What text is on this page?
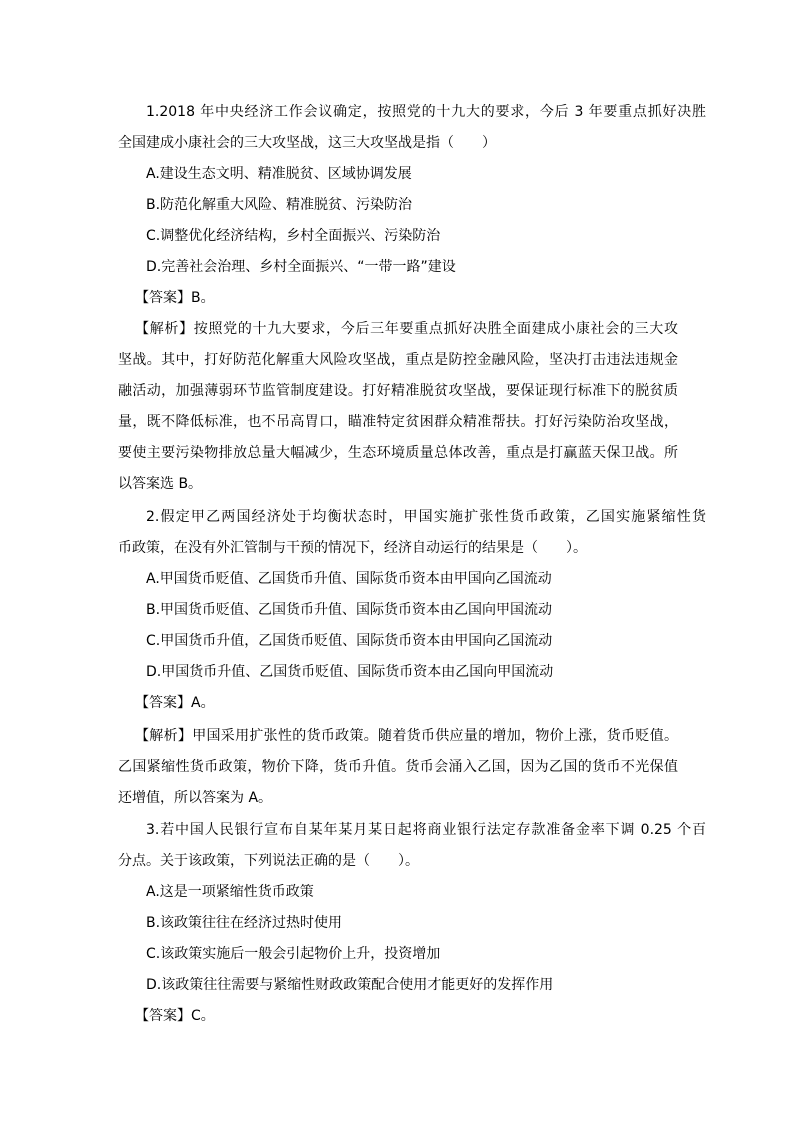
1.2018 年中央经济工作会议确定，按照党的十九大的要求，今后 3 年要重点抓好决胜
全国建成小康社会的三大攻坚战，这三大攻坚战是指（　　）
A.建设生态文明、精准脱贫、区域协调发展
B.防范化解重大风险、精准脱贫、污染防治
C.调整优化经济结构，乡村全面振兴、污染防治
D.完善社会治理、乡村全面振兴、“一带一路”建设
【答案】B。
【解析】按照党的十九大要求，今后三年要重点抓好决胜全面建成小康社会的三大攻
坚战。其中，打好防范化解重大风险攻坚战，重点是防控金融风险，坚决打击违法违规金
融活动，加强薄弱环节监管制度建设。打好精准脱贫攻坚战，要保证现行标准下的脱贫质
量，既不降低标准，也不吊高胃口，瞄准特定贫困群众精准帮扶。打好污染防治攻坚战，
要使主要污染物排放总量大幅减少，生态环境质量总体改善，重点是打赢蓝天保卫战。所
以答案选 B。
2.假定甲乙两国经济处于均衡状态时，甲国实施扩张性货币政策，乙国实施紧缩性货
币政策，在没有外汇管制与干预的情况下，经济自动运行的结果是（　　）。
A.甲国货币贬值、乙国货币升值、国际货币资本由甲国向乙国流动
B.甲国货币贬值、乙国货币升值、国际货币资本由乙国向甲国流动
C.甲国货币升值，乙国货币贬值、国际货币资本由甲国向乙国流动
D.甲国货币升值、乙国货币贬值、国际货币资本由乙国向甲国流动
【答案】A。
【解析】甲国采用扩张性的货币政策。随着货币供应量的增加，物价上涨，货币贬值。
乙国紧缩性货币政策，物价下降，货币升值。货币会涌入乙国，因为乙国的货币不光保值
还增值，所以答案为 A。
3.若中国人民银行宣布自某年某月某日起将商业银行法定存款准备金率下调 0.25 个百
分点。关于该政策，下列说法正确的是（　　）。
A.这是一项紧缩性货币政策
B.该政策往往在经济过热时使用
C.该政策实施后一般会引起物价上升，投资增加
D.该政策往往需要与紧缩性财政政策配合使用才能更好的发挥作用
【答案】C。
